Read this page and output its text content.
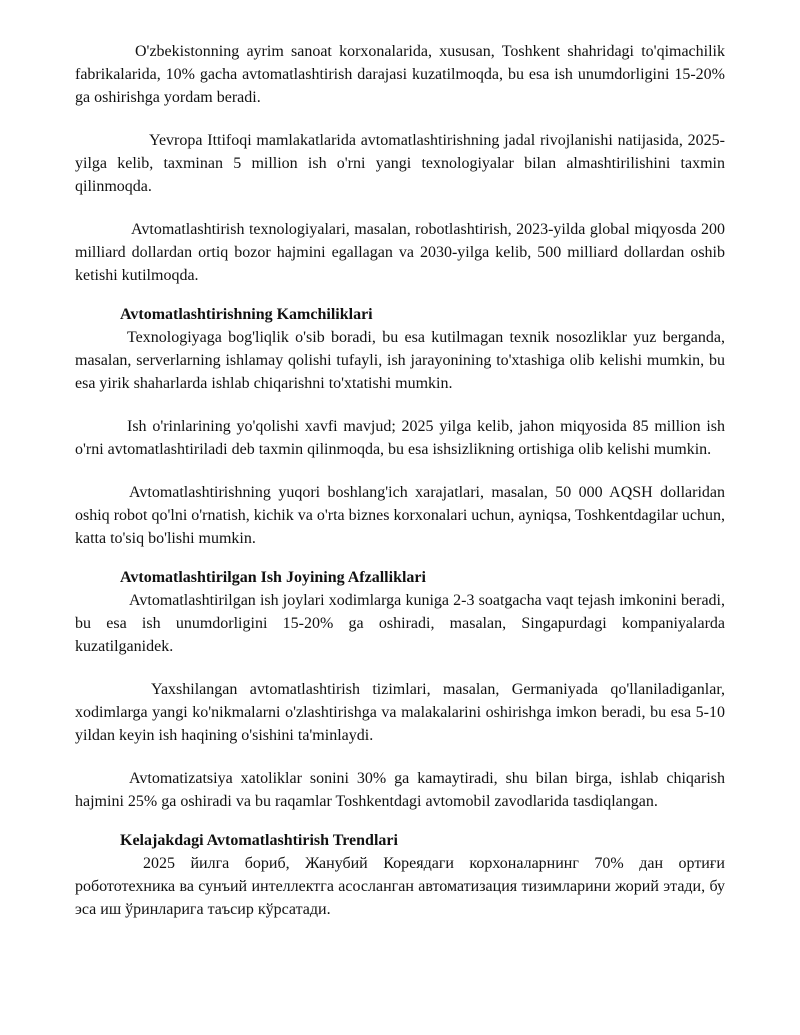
O'zbekistonning ayrim sanoat korxonalarida, xususan, Toshkent shahridagi to'qimachilik fabrikalarida, 10% gacha avtomatlashtirish darajasi kuzatilmoqda, bu esa ish unumdorligini 15-20% ga oshirishga yordam beradi.

Yevropa Ittifoqi mamlakatlarida avtomatlashtirishning jadal rivojlanishi natijasida, 2025-yilga kelib, taxminan 5 million ish o'rni yangi texnologiyalar bilan almashtirilishini taxmin qilinmoqda.

Avtomatlashtirish texnologiyalari, masalan, robotlashtirish, 2023-yilda global miqyosda 200 milliard dollardan ortiq bozor hajmini egallagan va 2030-yilga kelib, 500 milliard dollardan oshib ketishi kutilmoqda.

Avtomatlashtirishning Kamchiliklari

Texnologiyaga bog'liqlik o'sib boradi, bu esa kutilmagan texnik nosozliklar yuz berganda, masalan, serverlarning ishlamay qolishi tufayli, ish jarayonining to'xtashiga olib kelishi mumkin, bu esa yirik shaharlarda ishlab chiqarishni to'xtatishi mumkin.

Ish o'rinlarining yo'qolishi xavfi mavjud; 2025 yilga kelib, jahon miqyosida 85 million ish o'rni avtomatlashtiriladi deb taxmin qilinmoqda, bu esa ishsizlikning ortishiga olib kelishi mumkin.

Avtomatlashtirishning yuqori boshlang'ich xarajatlari, masalan, 50 000 AQSH dollaridan oshiq robot qo'lni o'rnatish, kichik va o'rta biznes korxonalari uchun, ayniqsa, Toshkentdagilar uchun, katta to'siq bo'lishi mumkin.

Avtomatlashtirilgan Ish Joyining Afzalliklari

Avtomatlashtirilgan ish joylari xodimlarga kuniga 2-3 soatgacha vaqt tejash imkonini beradi, bu esa ish unumdorligini 15-20% ga oshiradi, masalan, Singapurdagi kompaniyalarda kuzatilganidek.

Yaxshilangan avtomatlashtirish tizimlari, masalan, Germaniyada qo'llaniladiganlar, xodimlarga yangi ko'nikmalarni o'zlashtirishga va malakalarini oshirishga imkon beradi, bu esa 5-10 yildan keyin ish haqining o'sishini ta'minlaydi.

Avtomatizatsiya xatoliklar sonini 30% ga kamaytiradi, shu bilan birga, ishlab chiqarish hajmini 25% ga oshiradi va bu raqamlar Toshkentdagi avtomobil zavodlarida tasdiqlangan.

Kelajakdagi Avtomatlashtirish Trendlari

2025 йилга бориб, Жанубий Кореядаги корхоналарнинг 70% дан ортиғи робототехника ва сунъий интеллектга асосланган автоматизация тизимларини жорий этади, бу эса иш ўринларига таъсир кўрсатади.
